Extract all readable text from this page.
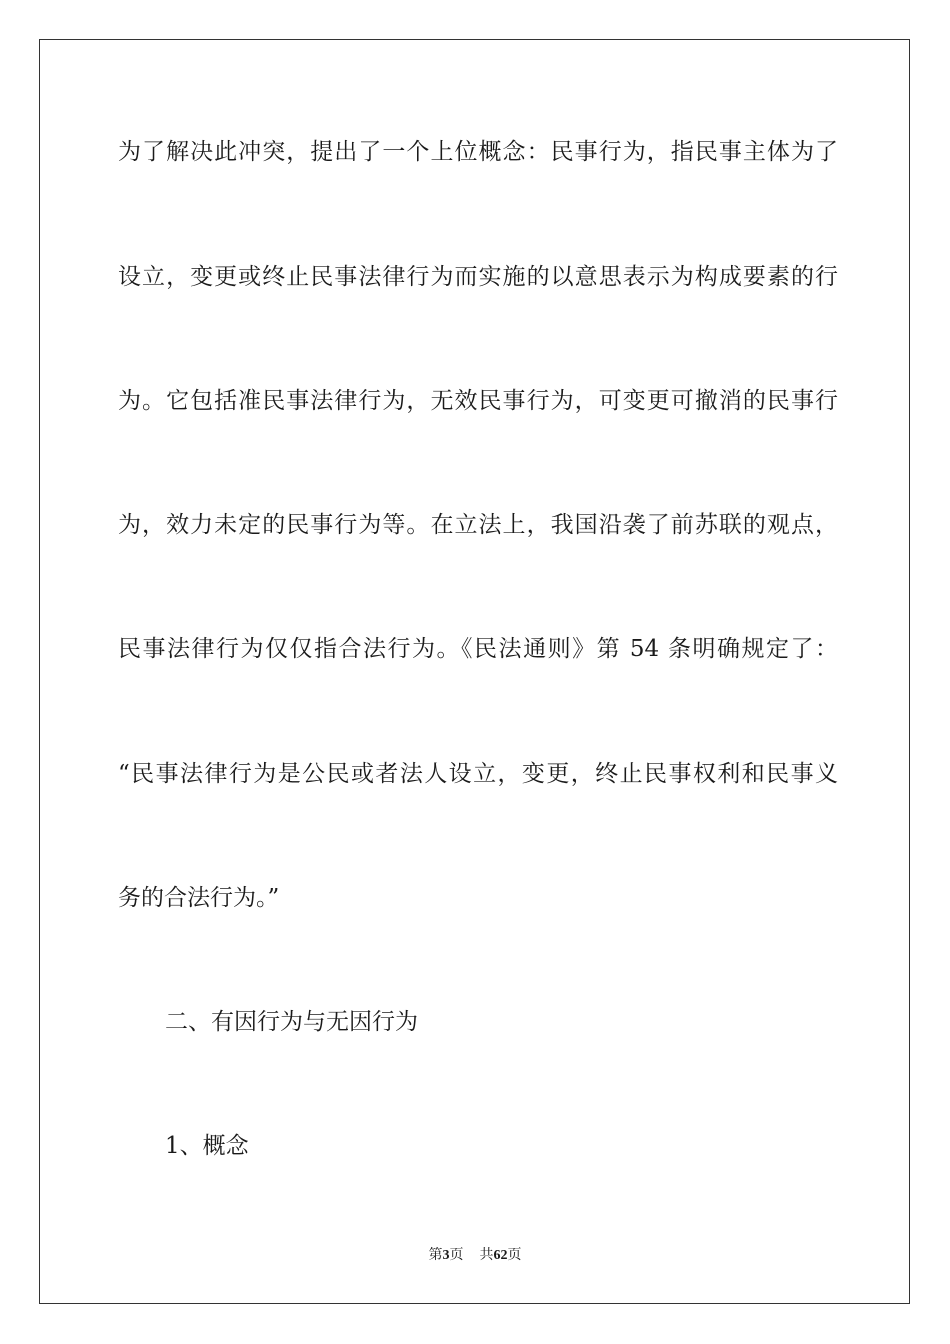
为了解决此冲突，提出了一个上位概念：民事行为，指民事主体为了
设立，变更或终止民事法律行为而实施的以意思表示为构成要素的行
为。它包括准民事法律行为，无效民事行为，可变更可撤消的民事行
为，效力未定的民事行为等。在立法上，我国沿袭了前苏联的观点，
民事法律行为仅仅指合法行为。《民法通则》第 54 条明确规定了：
“民事法律行为是公民或者法人设立，变更，终止民事权利和民事义
务的合法行为。”
二、有因行为与无因行为
1、概念
第3页 共62页
